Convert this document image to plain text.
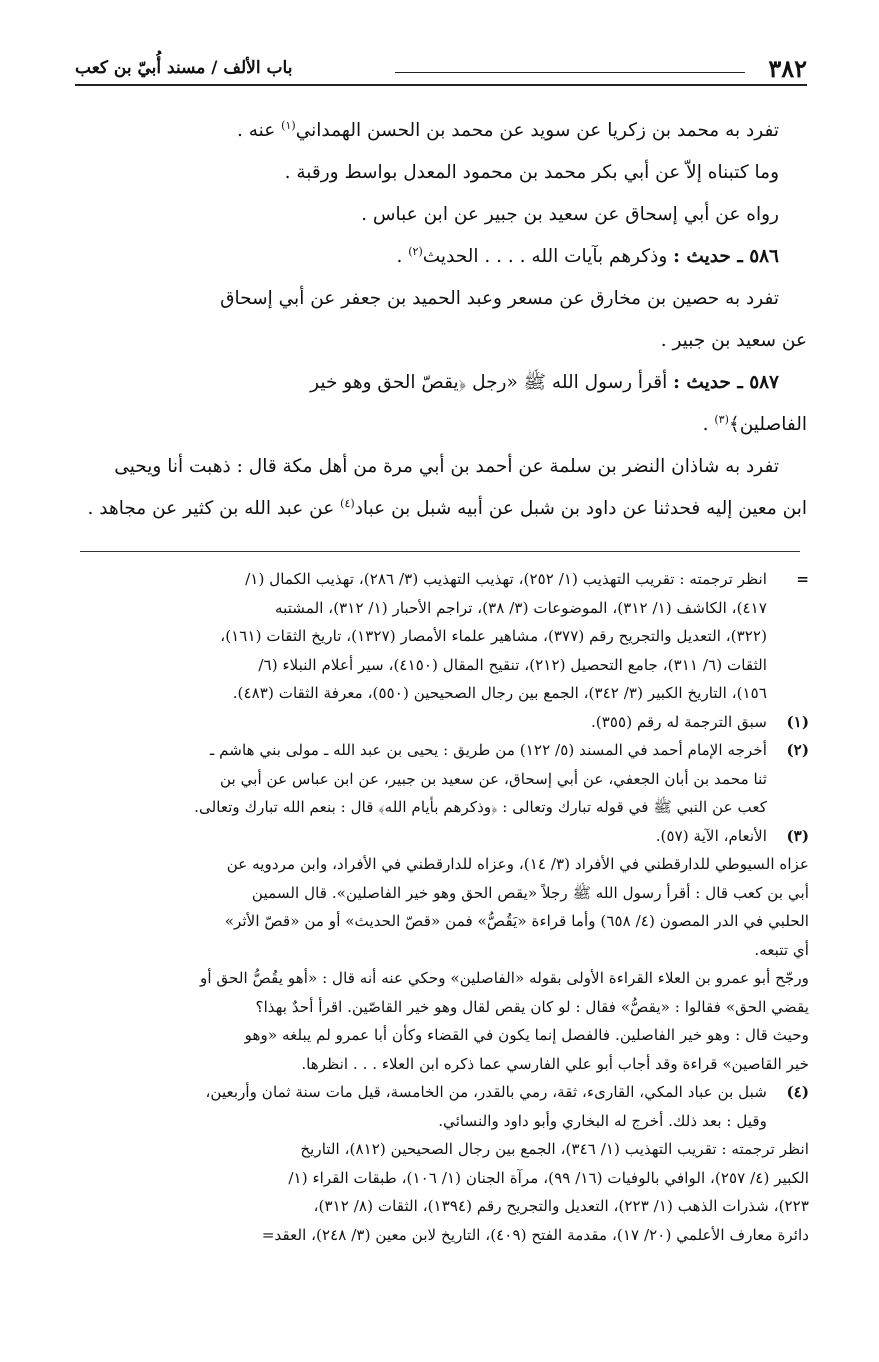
٣٨٢
باب الألف / مسند أُبيّ بن كعب
تفرد به محمد بن زكريا عن سويد عن محمد بن الحسن الهمداني$^{(١)}$ عنه .
وما كتبناه إلاّ عن أبي بكر محمد بن محمود المعدل بواسط ورقبة .
رواه عن أبي إسحاق عن سعيد بن جبير عن ابن عباس .
٥٨٦ ـ حديث : وذكرهم بآيات الله . . . . الحديث$^{(٢)}$ .
تفرد به حصين بن مخارق عن مسعر وعبد الحميد بن جعفر عن أبي إسحاق
عن سعيد بن جبير .
٥٨٧ ـ حديث : أقرأ رسول الله ﷺ «رجل ﴿يقصّ الحق وهو خير
الفاصلين﴾$^{(٣)}$ .
تفرد به شاذان النضر بن سلمة عن أحمد بن أبي مرة من أهل مكة قال : ذهبت أنا ويحيى
ابن معين إليه فحدثنا عن داود بن شبل عن أبيه شبل بن عباد$^{(٤)}$ عن عبد الله بن كثير عن مجاهد .
=
انظر ترجمته : تقريب التهذيب (١/ ٢٥٢)، تهذيب التهذيب (٣/ ٢٨٦)، تهذيب الكمال (١/
٤١٧)، الكاشف (١/ ٣١٢)، الموضوعات (٣/ ٣٨)، تراجم الأحبار (١/ ٣١٢)، المشتبه
(٣٢٢)، التعديل والتجريح رقم (٣٧٧)، مشاهير علماء الأمصار (١٣٢٧)، تاريخ الثقات (١٦١)،
الثقات (٦/ ٣١١)، جامع التحصيل (٢١٢)، تنقيح المقال (٤١٥٠)، سير أعلام النبلاء (٦/
١٥٦)، التاريخ الكبير (٣/ ٣٤٢)، الجمع بين رجال الصحيحين (٥٥٠)، معرفة الثقات (٤٨٣).
(١)
سبق الترجمة له رقم (٣٥٥).
(٢)
أخرجه الإمام أحمد في المسند (٥/ ١٢٢) من طريق : يحيى بن عبد الله ـ مولى بني هاشم ـ
ثنا محمد بن أبان الجعفي، عن أبي إسحاق، عن سعيد بن جبير، عن ابن عباس عن أبي بن
كعب عن النبي ﷺ في قوله تبارك وتعالى : ﴿وذكرهم بأيام الله﴾ قال : بنعم الله تبارك وتعالى.
(٣)
الأنعام، الآية (٥٧).
عزاه السيوطي للدارقطني في الأفراد (٣/ ١٤)، وعزاه للدارقطني في الأفراد، وابن مردويه عن
أبي بن كعب قال : أقرأ رسول الله ﷺ رجلاً «يقص الحق وهو خير الفاصلين». قال السمين
الحلبي في الدر المصون (٤/ ٦٥٨) وأما قراءة «يَقُصُّ» فمن «قصّ الحديث» أو من «قصّ الأثر»
أي تتبعه.
ورجّح أبو عمرو بن العلاء القراءة الأولى بقوله «الفاصلين» وحكي عنه أنه قال : «أهو يقُصُّ الحق أو
يقضي الحق» فقالوا : «يقصُّ» فقال : لو كان يقص لقال وهو خير القاصّين. اقرأ أحدٌ بهذا؟
وحيث قال : وهو خير الفاصلين. فالفصل إنما يكون في القضاء وكأن أبا عمرو لم يبلغه «وهو
خير القاصين» قراءة وقد أجاب أبو علي الفارسي عما ذكره ابن العلاء . . . انظرها.
(٤)
شبل بن عباد المكي، القارىء، ثقة، رمي بالقدر، من الخامسة، قيل مات سنة ثمان وأربعين،
وقيل : بعد ذلك. أخرج له البخاري وأبو داود والنسائي.
انظر ترجمته : تقريب التهذيب (١/ ٣٤٦)، الجمع بين رجال الصحيحين (٨١٢)، التاريخ
الكبير (٤/ ٢٥٧)، الوافي بالوفيات (١٦/ ٩٩)، مرآة الجنان (١/ ١٠٦)، طبقات القراء (١/
٢٢٣)، شذرات الذهب (١/ ٢٢٣)، التعديل والتجريح رقم (١٣٩٤)، الثقات (٨/ ٣١٢)،
دائرة معارف الأعلمي (٢٠/ ١٧)، مقدمة الفتح (٤٠٩)، التاريخ لابن معين (٣/ ٢٤٨)، العقد=
